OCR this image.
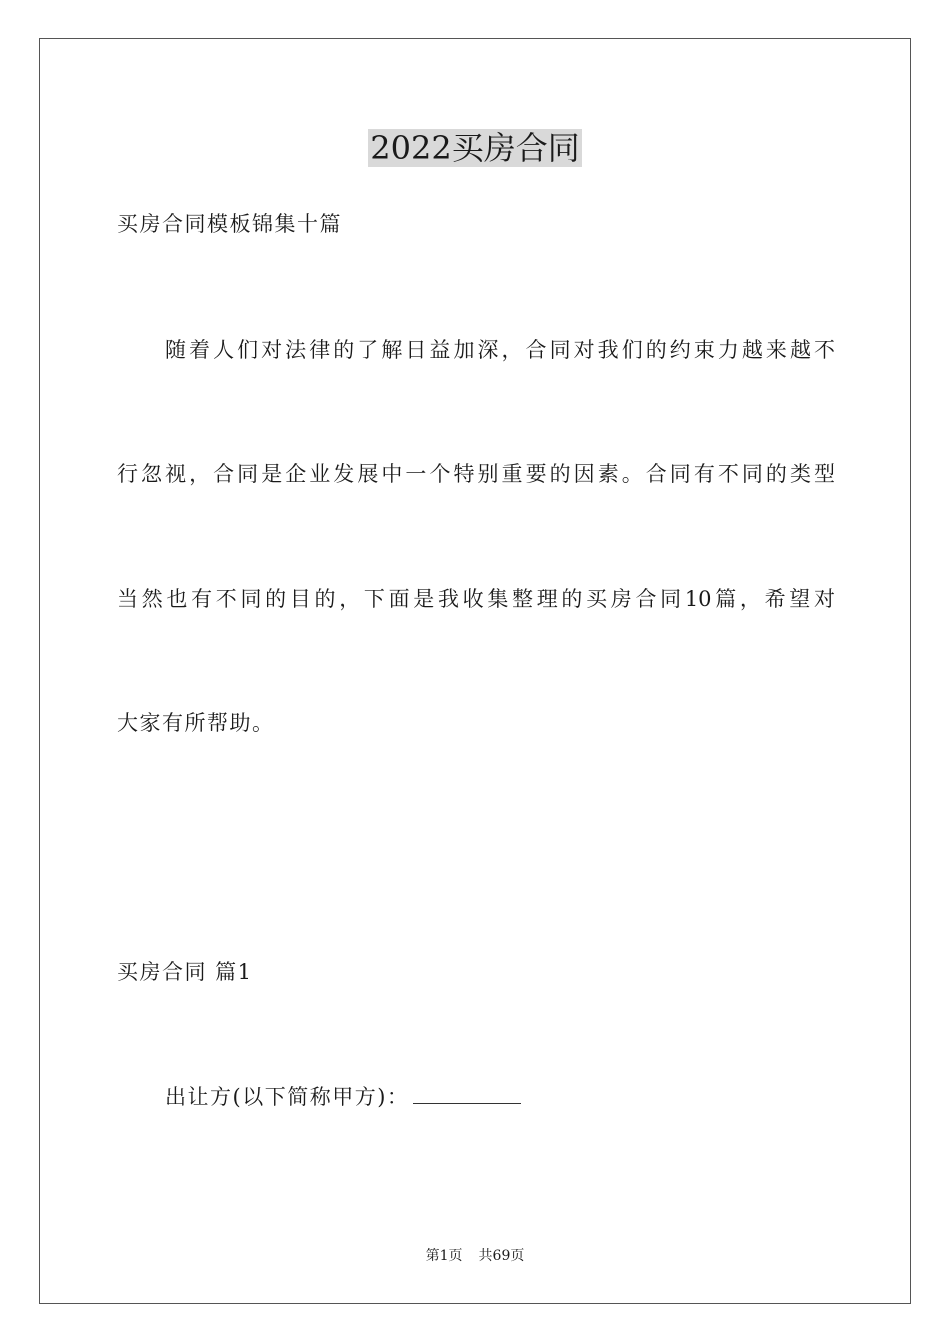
2022买房合同
买房合同模板锦集十篇
随着人们对法律的了解日益加深，合同对我们的约束力越来越不
行忽视，合同是企业发展中一个特别重要的因素。合同有不同的类型
当然也有不同的目的，下面是我收集整理的买房合同10篇，希望对
大家有所帮助。
买房合同 篇1
出让方(以下简称甲方)：
第1页 共69页
